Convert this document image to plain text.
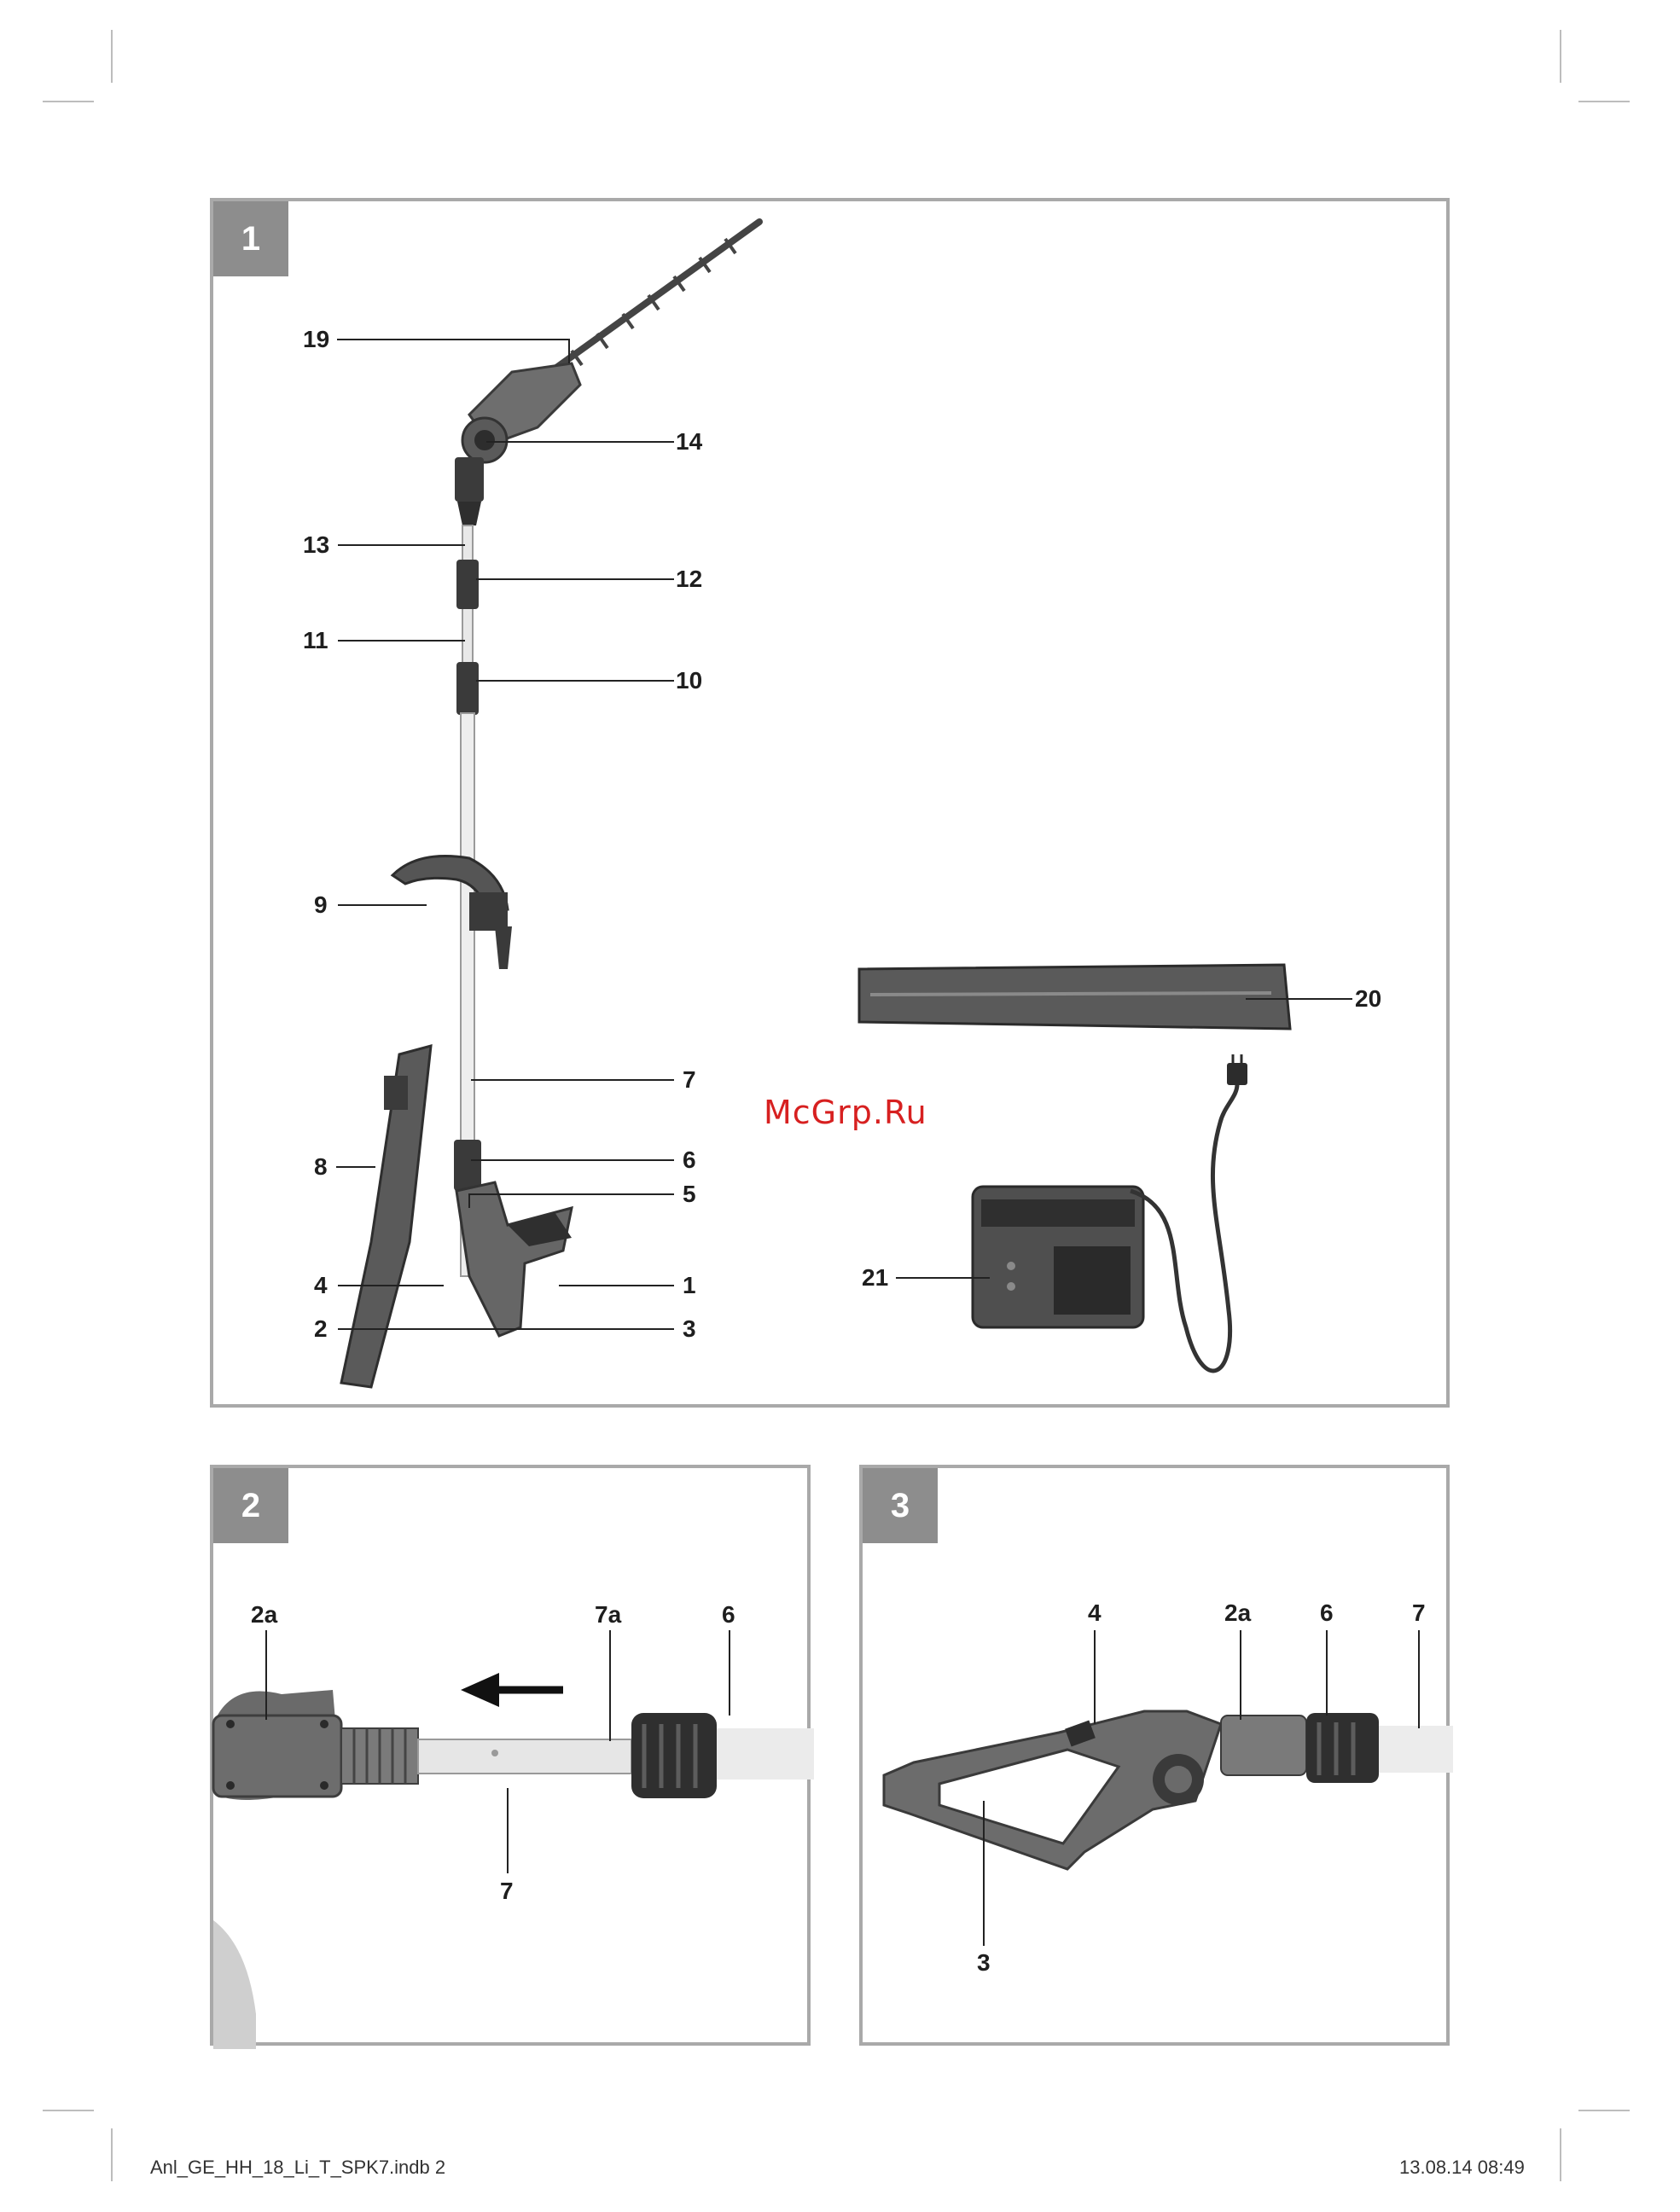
1
19
14
13
12
11
10
9
20
7
8	6
5
4	1
2	3
21
McGrp.Ru
2
2a	7a	6
7
3
4	2a	6	7
3
Anl_GE_HH_18_Li_T_SPK7.indb 2	13.08.14 08:49
